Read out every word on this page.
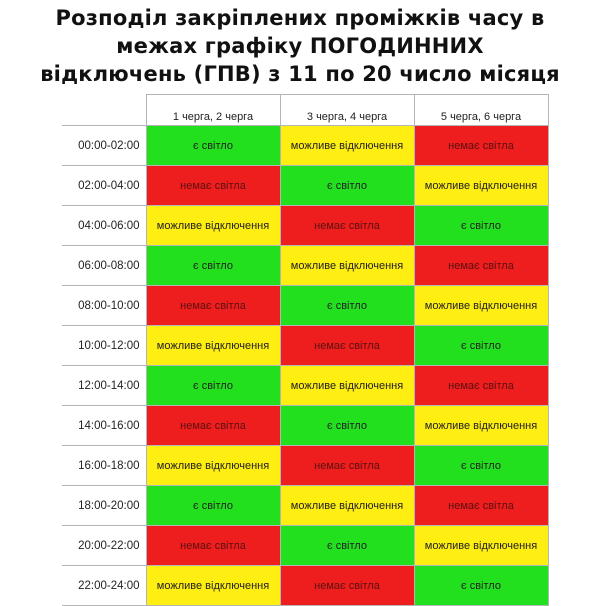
Розподіл закріплених проміжків часу в
межах графіку ПОГОДИННИХ
відключень (ГПВ) з 11 по 20 число місяця
	1 черга, 2 черга	3 черга, 4 черга	5 черга, 6 черга
00:00-02:00	є світло	можливе відключення	немає світла
02:00-04:00	немає світла	є світло	можливе відключення
04:00-06:00	можливе відключення	немає світла	є світло
06:00-08:00	є світло	можливе відключення	немає світла
08:00-10:00	немає світла	є світло	можливе відключення
10:00-12:00	можливе відключення	немає світла	є світло
12:00-14:00	є світло	можливе відключення	немає світла
14:00-16:00	немає світла	є світло	можливе відключення
16:00-18:00	можливе відключення	немає світла	є світло
18:00-20:00	є світло	можливе відключення	немає світла
20:00-22:00	немає світла	є світло	можливе відключення
22:00-24:00	можливе відключення	немає світла	є світло
